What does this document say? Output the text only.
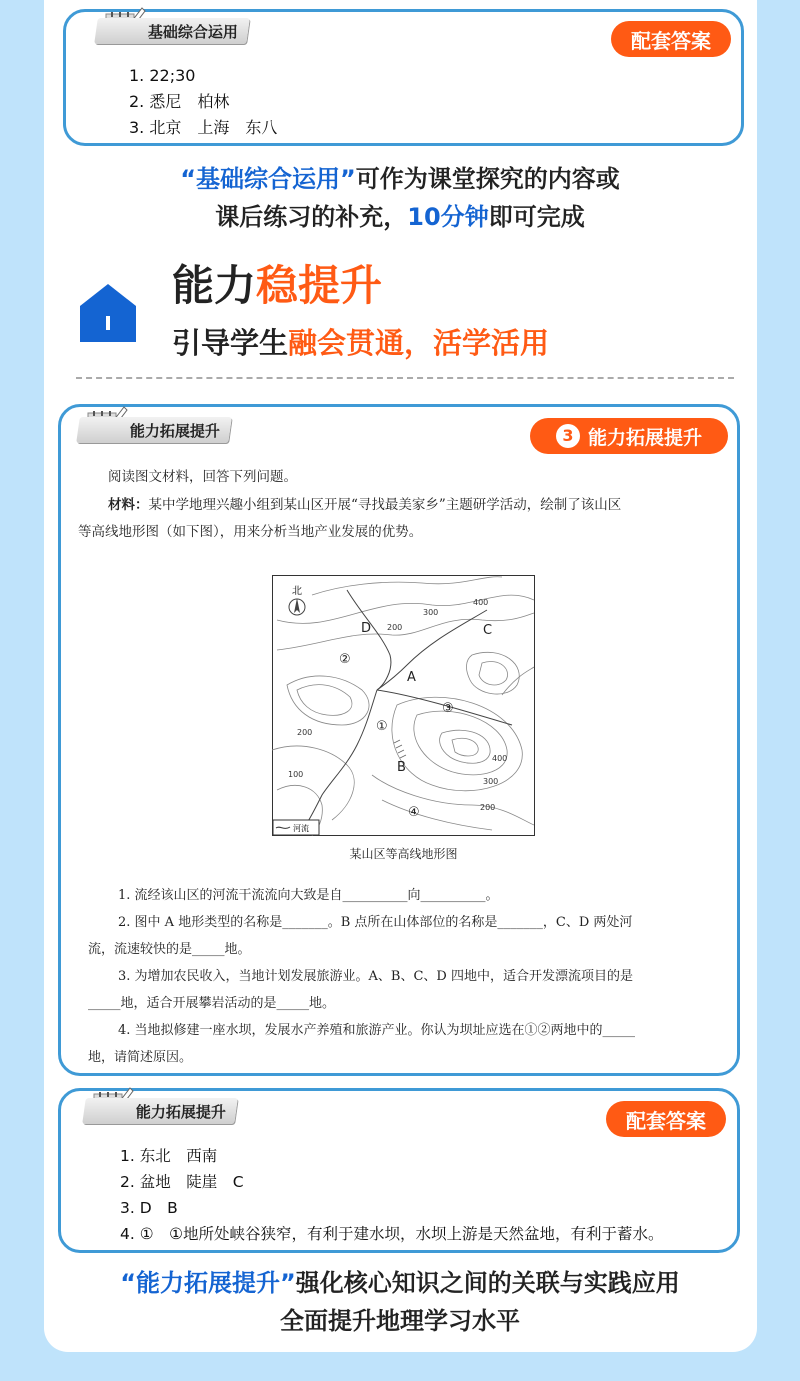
基础综合运用	配套答案
1. 22;30
2. 悉尼　柏林
3. 北京　上海　东八
“基础综合运用”可作为课堂探究的内容或
课后练习的补充，10分钟即可完成
能力稳提升
引导学生融会贯通，活学活用
能力拓展提升	3 能力拓展提升

阅读图文材料，回答下列问题。

材料：某中学地理兴趣小组到某山区开展“寻找最美家乡”主题研学活动，绘制了该山区

等高线地形图（如下图），用来分析当地产业发展的优势。

北
D	C
A
B
②
③
①
④
300
400
200
200
100
400
300
200
河流
某山区等高线地形图

1. 流经该山区的河流干流流向大致是自__________向__________。

2. 图中 A 地形类型的名称是_______。B 点所在山体部位的名称是_______，C、D 两处河

流，流速较快的是_____地。

3. 为增加农民收入，当地计划发展旅游业。A、B、C、D 四地中，适合开发漂流项目的是

_____地，适合开展攀岩活动的是_____地。

4. 当地拟修建一座水坝，发展水产养殖和旅游产业。你认为坝址应选在①②两地中的_____

地，请简述原因。

能力拓展提升	配套答案
1. 东北　西南
2. 盆地　陡崖　C
3. D　B
4. ①　①地所处峡谷狭窄，有利于建水坝，水坝上游是天然盆地，有利于蓄水。
“能力拓展提升”强化核心知识之间的关联与实践应用
全面提升地理学习水平
